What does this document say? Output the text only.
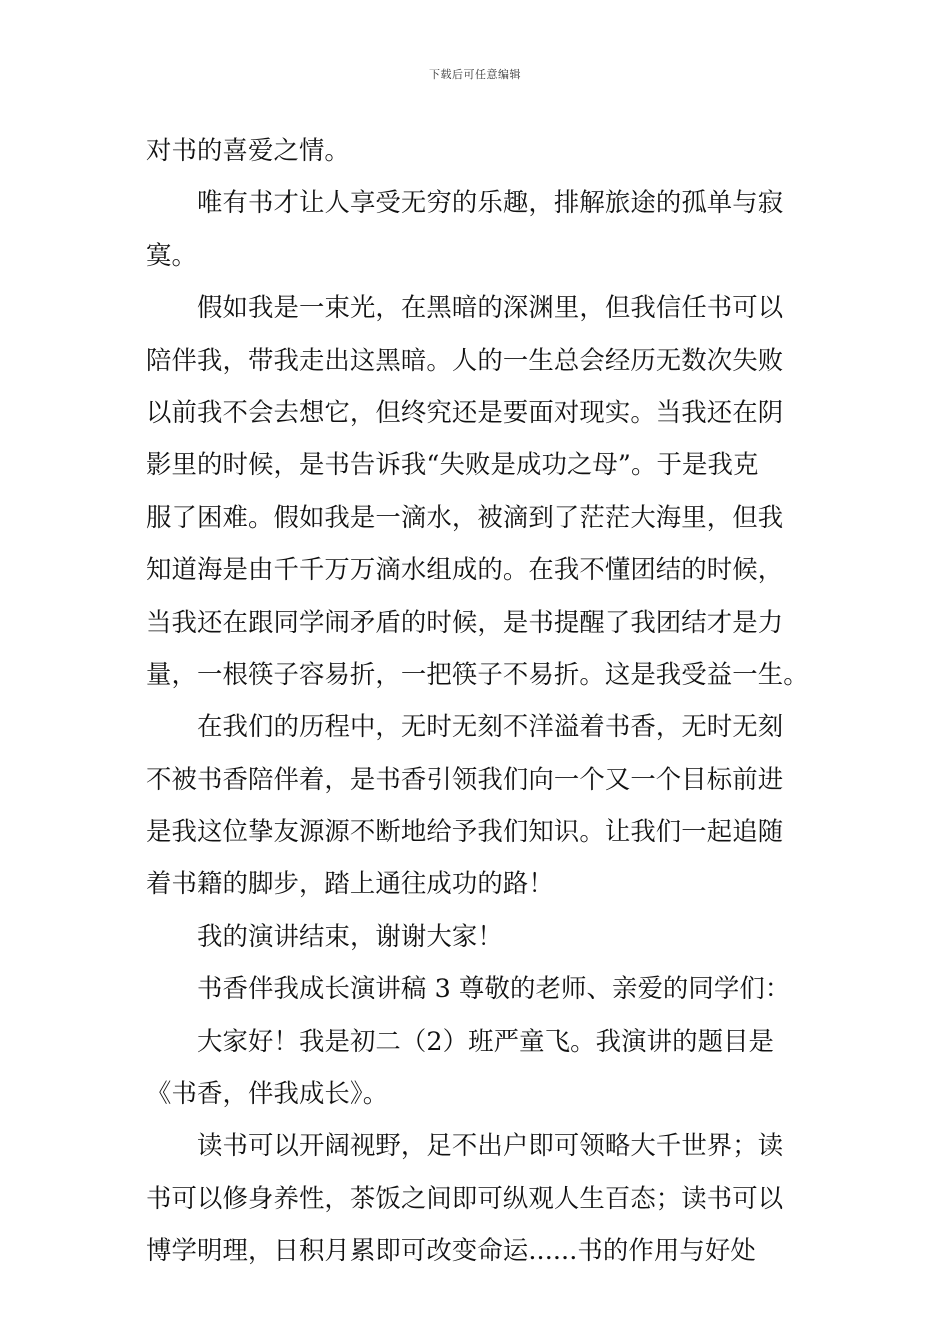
下载后可任意编辑
对书的喜爱之情。
唯有书才让人享受无穷的乐趣，排解旅途的孤单与寂
寞。
假如我是一束光，在黑暗的深渊里，但我信任书可以
陪伴我，带我走出这黑暗。人的一生总会经历无数次失败
以前我不会去想它，但终究还是要面对现实。当我还在阴
影里的时候，是书告诉我“失败是成功之母”。于是我克
服了困难。假如我是一滴水，被滴到了茫茫大海里，但我
知道海是由千千万万滴水组成的。在我不懂团结的时候，
当我还在跟同学闹矛盾的时候，是书提醒了我团结才是力
量，一根筷子容易折，一把筷子不易折。这是我受益一生。
在我们的历程中，无时无刻不洋溢着书香，无时无刻
不被书香陪伴着，是书香引领我们向一个又一个目标前进
是我这位挚友源源不断地给予我们知识。让我们一起追随
着书籍的脚步，踏上通往成功的路！
我的演讲结束，谢谢大家！
书香伴我成长演讲稿 3 尊敬的老师、亲爱的同学们：
大家好！我是初二（2）班严童飞。我演讲的题目是
《书香，伴我成长》。
读书可以开阔视野，足不出户即可领略大千世界；读
书可以修身养性，茶饭之间即可纵观人生百态；读书可以
博学明理，日积月累即可改变命运......书的作用与好处
